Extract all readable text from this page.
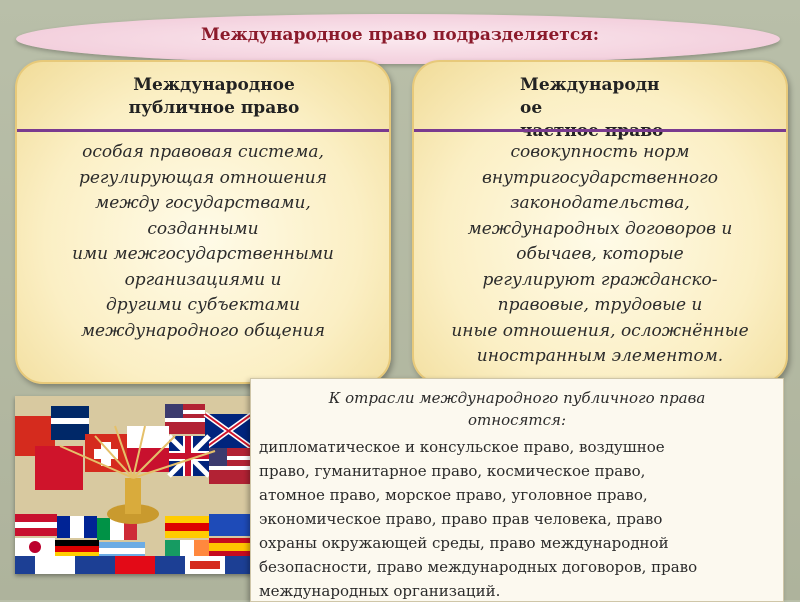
Международное право подразделяется:
Международное
публичное право
особая правовая система,
регулирующая отношения
между государствами,
созданными
ими межгосударственными
организациями и
другими субъектами
международного общения
Международн
ое
совокупность норм
внутригосударственного
законодательства,
международных договоров и
обычаев, которые
регулируют гражданско-
правовые, трудовые и
иные отношения, осложнённые
иностранным элементом.
К отрасли международного публичного права
относятся:
дипломатическое и консульское право, воздушное
право, гуманитарное право, космическое право,
атомное право, морское право, уголовное право,
экономическое право, право прав человека, право
охраны окружающей среды, право международной
безопасности, право международных договоров, право
международных организаций.
